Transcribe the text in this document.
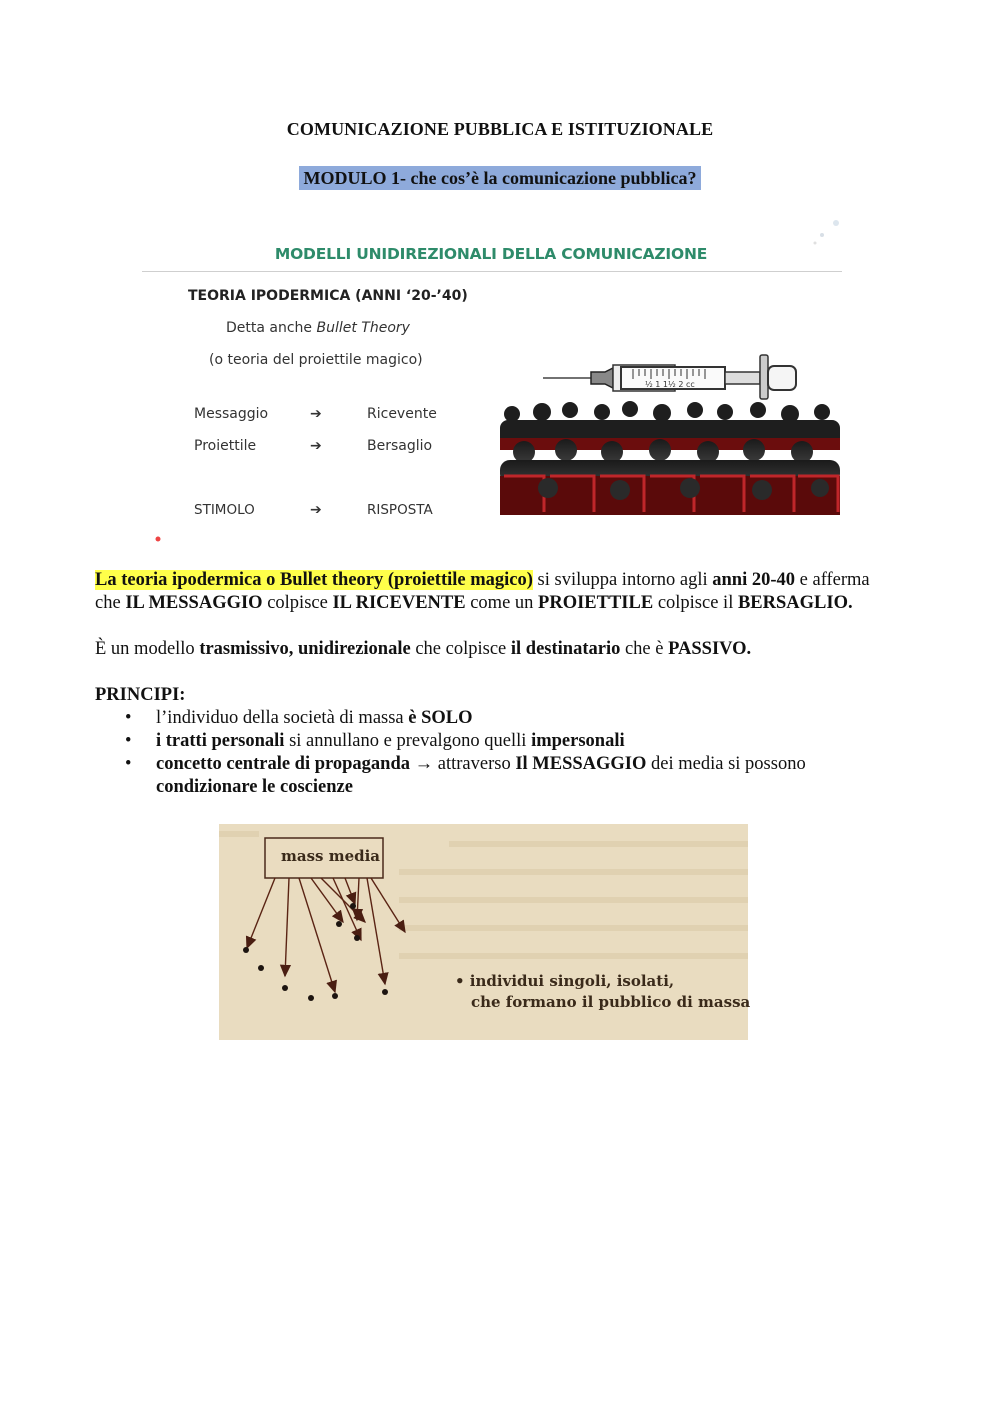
COMUNICAZIONE PUBBLICA E ISTITUZIONALE
MODULO 1- che cos’è la comunicazione pubblica?
MODELLI UNIDIREZIONALI DELLA COMUNICAZIONE
TEORIA IPODERMICA (ANNI ‘20-’40)
Detta anche Bullet Theory
(o teoria del proiettile magico)
Messaggio	➔	Ricevente
Proiettile	➔	Bersaglio
STIMOLO	➔	RISPOSTA
½ 1 1½ 2 cc
La teoria ipodermica o Bullet theory (proiettile magico) si sviluppa intorno agli anni 20-40 e afferma che IL MESSAGGIO colpisce IL RICEVENTE come un PROIETTILE colpisce il BERSAGLIO.
È un modello trasmissivo, unidirezionale che colpisce il destinatario che è PASSIVO.
PRINCIPI:
• l’individuo della società di massa è SOLO
• i tratti personali si annullano e prevalgono quelli impersonali
• concetto centrale di propaganda → attraverso Il MESSAGGIO dei media si possono condizionare le coscienze
mass media
• individui singoli, isolati,
che formano il pubblico di massa
